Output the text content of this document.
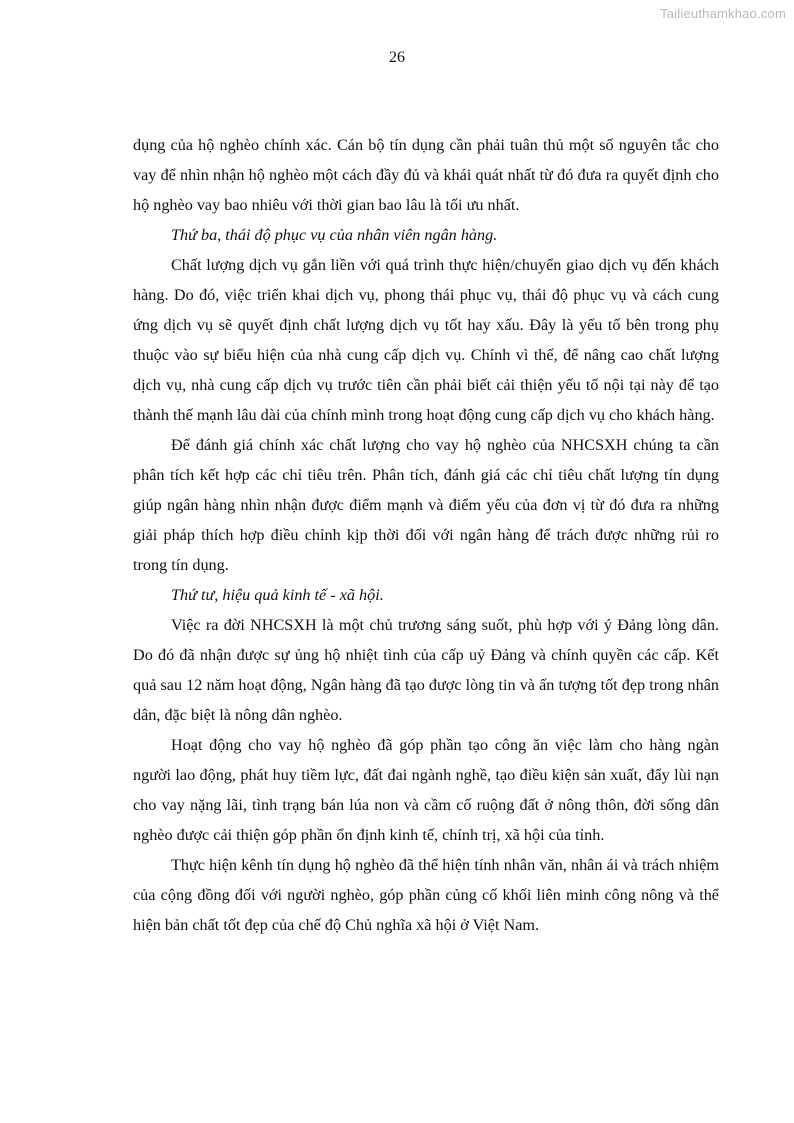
Tailieuthamkhao.com
26

dụng của hộ nghèo chính xác. Cán bộ tín dụng cần phải tuân thủ một số nguyên tắc cho vay để nhìn nhận hộ nghèo một cách đầy đủ và khái quát nhất từ đó đưa ra quyết định cho hộ nghèo vay bao nhiêu với thời gian bao lâu là tối ưu nhất.

Thứ ba, thái độ phục vụ của nhân viên ngân hàng.

Chất lượng dịch vụ gắn liền với quá trình thực hiện/chuyển giao dịch vụ đến khách hàng. Do đó, việc triển khai dịch vụ, phong thái phục vụ, thái độ phục vụ và cách cung ứng dịch vụ sẽ quyết định chất lượng dịch vụ tốt hay xấu. Đây là yếu tố bên trong phụ thuộc vào sự biểu hiện của nhà cung cấp dịch vụ. Chính vì thế, để nâng cao chất lượng dịch vụ, nhà cung cấp dịch vụ trước tiên cần phải biết cải thiện yếu tố nội tại này để tạo thành thế mạnh lâu dài của chính mình trong hoạt động cung cấp dịch vụ cho khách hàng.

Để đánh giá chính xác chất lượng cho vay hộ nghèo của NHCSXH chúng ta cần phân tích kết hợp các chỉ tiêu trên. Phân tích, đánh giá các chỉ tiêu chất lượng tín dụng giúp ngân hàng nhìn nhận được điểm mạnh và điểm yếu của đơn vị từ đó đưa ra những giải pháp thích hợp điều chỉnh kịp thời đối với ngân hàng để trách được những rủi ro trong tín dụng.

Thứ tư, hiệu quả kinh tế - xã hội.

Việc ra đời NHCSXH là một chủ trương sáng suốt, phù hợp với ý Đảng lòng dân. Do đó đã nhận được sự ủng hộ nhiệt tình của cấp uỷ Đảng và chính quyền các cấp. Kết quả sau 12 năm hoạt động, Ngân hàng đã tạo được lòng tin và ấn tượng tốt đẹp trong nhân dân, đặc biệt là nông dân nghèo.

Hoạt động cho vay hộ nghèo đã góp phần tạo công ăn việc làm cho hàng ngàn người lao động, phát huy tiềm lực, đất đai ngành nghề, tạo điều kiện sản xuất, đẩy lùi nạn cho vay nặng lãi, tình trạng bán lúa non và cầm cố ruộng đất ở nông thôn, đời sống dân nghèo được cải thiện góp phần ổn định kinh tế, chính trị, xã hội của tỉnh.

Thực hiện kênh tín dụng hộ nghèo đã thể hiện tính nhân văn, nhân ái và trách nhiệm của cộng đồng đối với người nghèo, góp phần củng cố khối liên minh công nông và thể hiện bản chất tốt đẹp của chế độ Chủ nghĩa xã hội ở Việt Nam.
